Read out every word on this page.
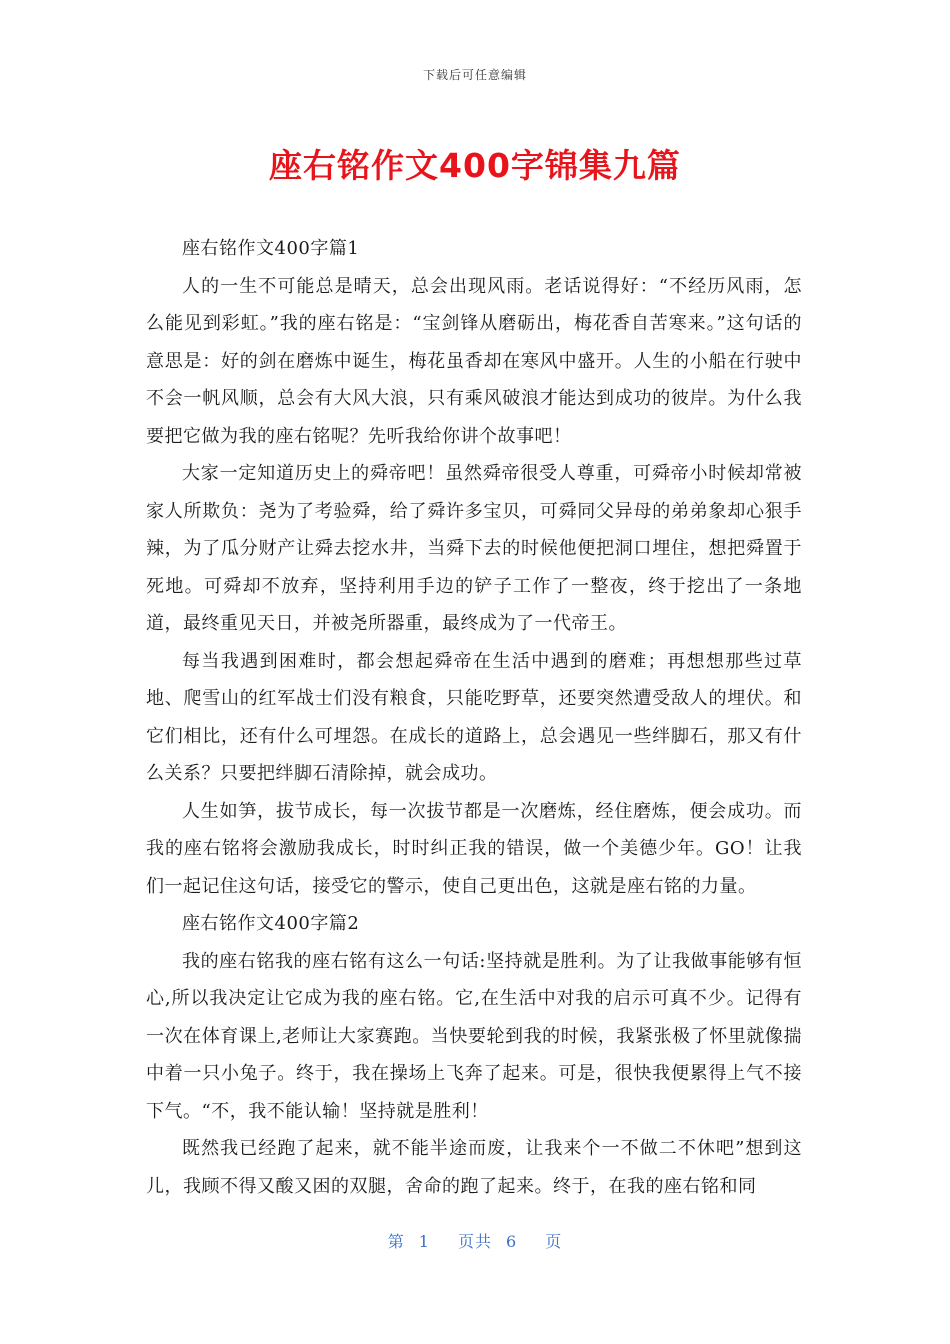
下载后可任意编辑
座右铭作文400字锦集九篇

座右铭作文400字篇1

人的一生不可能总是晴天，总会出现风雨。老话说得好：“不经历风雨，怎么能见到彩虹。”我的座右铭是：“宝剑锋从磨砺出，梅花香自苦寒来。”这句话的意思是：好的剑在磨炼中诞生，梅花虽香却在寒风中盛开。人生的小船在行驶中不会一帆风顺，总会有大风大浪，只有乘风破浪才能达到成功的彼岸。为什么我要把它做为我的座右铭呢？先听我给你讲个故事吧！

大家一定知道历史上的舜帝吧！虽然舜帝很受人尊重，可舜帝小时候却常被家人所欺负：尧为了考验舜，给了舜许多宝贝，可舜同父异母的弟弟象却心狠手辣，为了瓜分财产让舜去挖水井，当舜下去的时候他便把洞口埋住，想把舜置于死地。可舜却不放弃，坚持利用手边的铲子工作了一整夜，终于挖出了一条地道，最终重见天日，并被尧所器重，最终成为了一代帝王。

每当我遇到困难时，都会想起舜帝在生活中遇到的磨难；再想想那些过草地、爬雪山的红军战士们没有粮食，只能吃野草，还要突然遭受敌人的埋伏。和它们相比，还有什么可埋怨。在成长的道路上，总会遇见一些绊脚石，那又有什么关系？只要把绊脚石清除掉，就会成功。

人生如笋，拔节成长，每一次拔节都是一次磨炼，经住磨炼，便会成功。而我的座右铭将会激励我成长，时时纠正我的错误，做一个美德少年。GO！让我们一起记住这句话，接受它的警示，使自己更出色，这就是座右铭的力量。

座右铭作文400字篇2

我的座右铭我的座右铭有这么一句话:坚持就是胜利。为了让我做事能够有恒心,所以我决定让它成为我的座右铭。它,在生活中对我的启示可真不少。记得有一次在体育课上,老师让大家赛跑。当快要轮到我的时候，我紧张极了怀里就像揣中着一只小兔子。终于，我在操场上飞奔了起来。可是，很快我便累得上气不接下气。“不，我不能认输！坚持就是胜利！

既然我已经跑了起来，就不能半途而废，让我来个一不做二不休吧”想到这儿，我顾不得又酸又困的双腿，舍命的跑了起来。终于，在我的座右铭和同

第 1 页共 6 页
